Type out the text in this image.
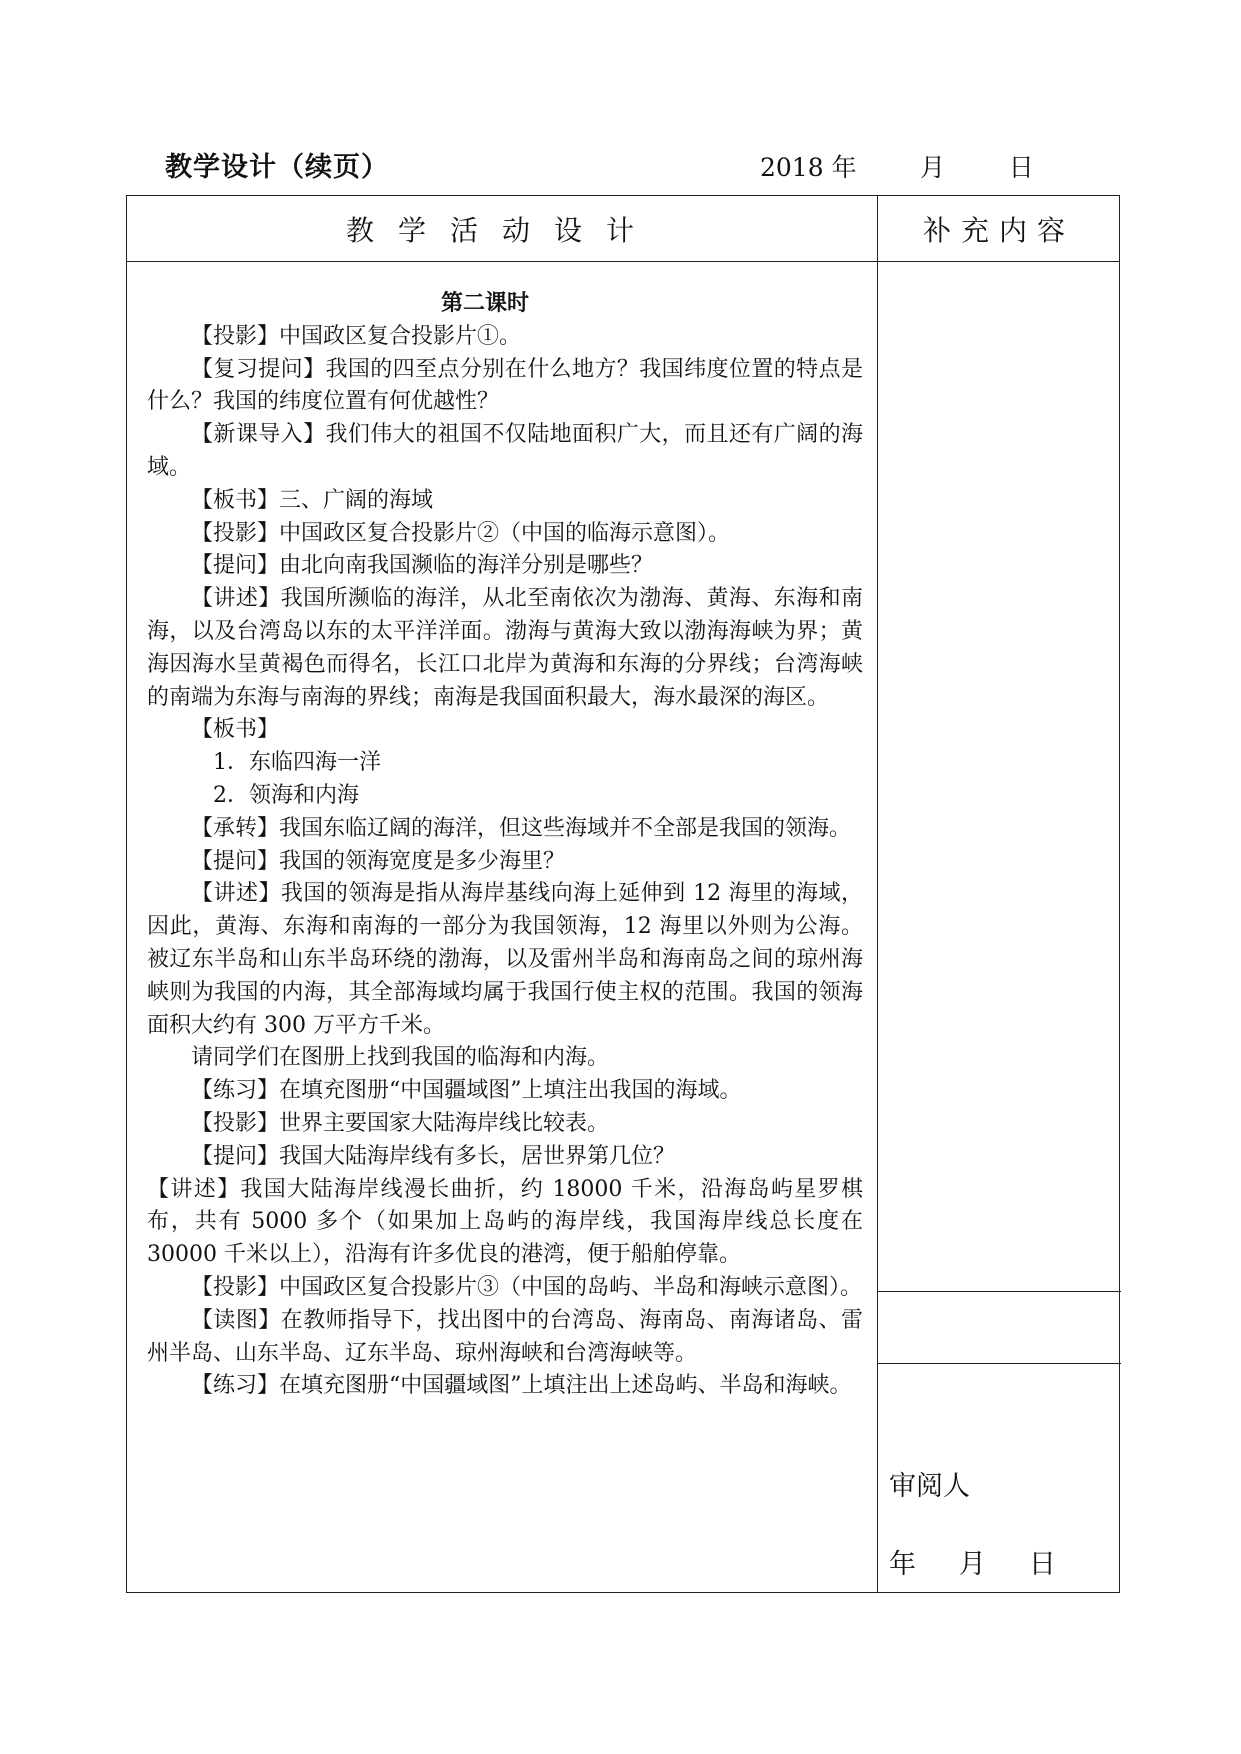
教学设计（续页）	2018 年        月        日
教学活动设计	补充内容
第二课时

【投影】中国政区复合投影片①。

【复习提问】我国的四至点分别在什么地方？我国纬度位置的特点是什么？我国的纬度位置有何优越性？

【新课导入】我们伟大的祖国不仅陆地面积广大，而且还有广阔的海域。

【板书】三、广阔的海域

【投影】中国政区复合投影片②（中国的临海示意图）。

【提问】由北向南我国濒临的海洋分别是哪些？

【讲述】我国所濒临的海洋，从北至南依次为渤海、黄海、东海和南海，以及台湾岛以东的太平洋洋面。渤海与黄海大致以渤海海峡为界；黄海因海水呈黄褐色而得名，长江口北岸为黄海和东海的分界线；台湾海峡的南端为东海与南海的界线；南海是我国面积最大，海水最深的海区。

【板书】

1．东临四海一洋

2．领海和内海

【承转】我国东临辽阔的海洋，但这些海域并不全部是我国的领海。

【提问】我国的领海宽度是多少海里？

【讲述】我国的领海是指从海岸基线向海上延伸到 12 海里的海域，因此，黄海、东海和南海的一部分为我国领海，12 海里以外则为公海。被辽东半岛和山东半岛环绕的渤海，以及雷州半岛和海南岛之间的琼州海峡则为我国的内海，其全部海域均属于我国行使主权的范围。我国的领海面积大约有 300 万平方千米。

请同学们在图册上找到我国的临海和内海。

【练习】在填充图册“中国疆域图”上填注出我国的海域。

【投影】世界主要国家大陆海岸线比较表。

【提问】我国大陆海岸线有多长，居世界第几位？

【讲述】我国大陆海岸线漫长曲折，约 18000 千米，沿海岛屿星罗棋布，共有 5000 多个（如果加上岛屿的海岸线，我国海岸线总长度在 30000 千米以上），沿海有许多优良的港湾，便于船舶停靠。

【投影】中国政区复合投影片③（中国的岛屿、半岛和海峡示意图）。

【读图】在教师指导下，找出图中的台湾岛、海南岛、南海诸岛、雷州半岛、山东半岛、辽东半岛、琼州海峡和台湾海峡等。

【练习】在填充图册“中国疆域图”上填注出上述岛屿、半岛和海峡。

审阅人
年     月     日
